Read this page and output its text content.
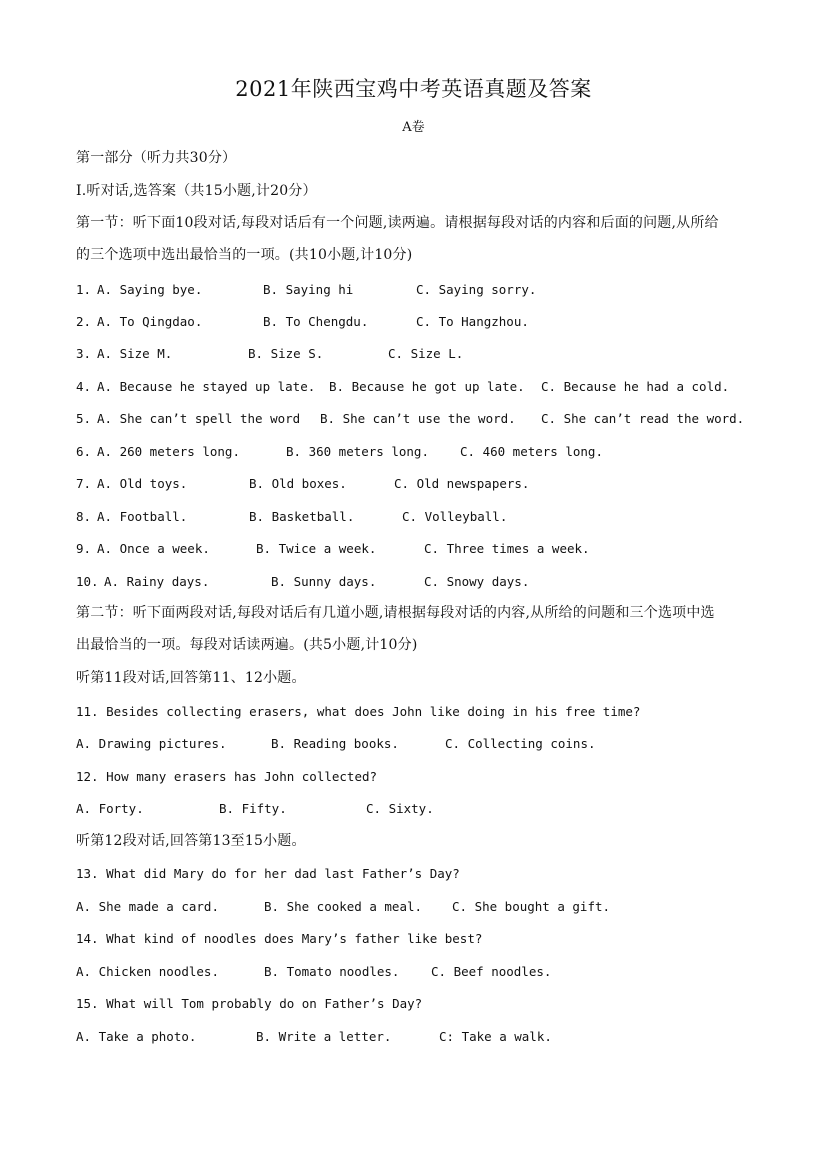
2021年陕西宝鸡中考英语真题及答案
A卷
第一部分（听力共30分）
Ⅰ.听对话,选答案（共15小题,计20分）
第一节：听下面10段对话,每段对话后有一个问题,读两遍。请根据每段对话的内容和后面的问题,从所给
的三个选项中选出最恰当的一项。(共10小题,计10分)
1. A. Saying bye.	B. Saying hi	C. Saying sorry.
2. A. To Qingdao.	B. To Chengdu.	C. To Hangzhou.
3. A. Size M.	B. Size S.	C. Size L.
4. A. Because he stayed up late. B. Because he got up late. C. Because he had a cold.
5. A. She can’t spell the word B. She can’t use the word. C. She can’t read the word.
6. A. 260 meters long.	B. 360 meters long. C. 460 meters long.
7. A. Old toys.	B. Old boxes.	C. Old newspapers.
8. A. Football.	B. Basketball.	C. Volleyball.
9. A. Once a week.	B. Twice a week.	C. Three times a week.
10. A. Rainy days.	B. Sunny days.	C. Snowy days.
第二节：听下面两段对话,每段对话后有几道小题,请根据每段对话的内容,从所给的问题和三个选项中选
出最恰当的一项。每段对话读两遍。(共5小题,计10分)
听第11段对话,回答第11、12小题。
11. Besides collecting erasers, what does John like doing in his free time?
A. Drawing pictures.	B. Reading books.	C. Collecting coins.
12. How many erasers has John collected?
A. Forty.	B. Fifty.	C. Sixty.
听第12段对话,回答第13至15小题。
13. What did Mary do for her dad last Father’s Day?
A. She made a card.	B. She cooked a meal. C. She bought a gift.
14. What kind of noodles does Mary’s father like best?
A. Chicken noodles.	B. Tomato noodles.	C. Beef noodles.
15. What will Tom probably do on Father’s Day?
A. Take a photo.	B. Write a letter.	C: Take a walk.
